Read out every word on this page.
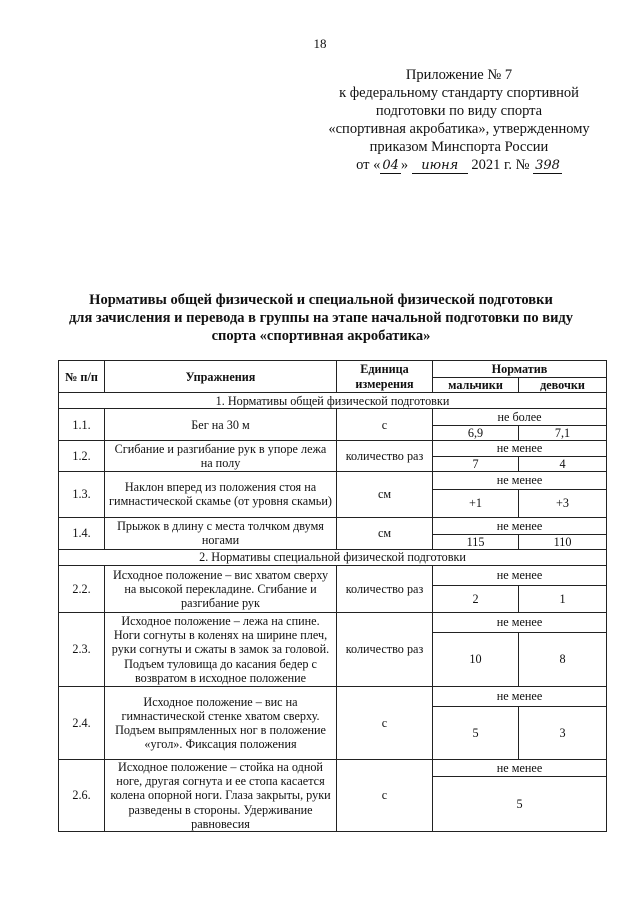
18
Приложение № 7
к федеральному стандарту спортивной
подготовки по виду спорта
«спортивная акробатика», утвержденному
приказом Минспорта России
от « 04 » июня 2021 г. № 398
Нормативы общей физической и специальной физической подготовки
для зачисления и перевода в группы на этапе начальной подготовки по виду
спорта «спортивная акробатика»
№ п/п	Упражнения	Единица измерения	Норматив	
			мальчики	девочки
1. Нормативы общей физической подготовки				
1.1.	Бег на 30 м	с	не более	
			6,9	7,1
1.2.	Сгибание и разгибание рук в упоре лежа на полу	количество раз	не менее	
			7	4
1.3.	Наклон вперед из положения стоя на гимнастической скамье (от уровня скамьи)	см	не менее	
			+1	+3
1.4.	Прыжок в длину с места толчком двумя ногами	см	не менее	
			115	110
2. Нормативы специальной физической подготовки				
2.2.	Исходное положение – вис хватом сверху на высокой перекладине. Сгибание и разгибание рук	количество раз	не менее	
			2	1
2.3.	Исходное положение – лежа на спине. Ноги согнуты в коленях на ширине плеч, руки согнуты и сжаты в замок за головой. Подъем туловища до касания бедер с возвратом в исходное положение	количество раз	не менее	
			10	8
2.4.	Исходное положение – вис на гимнастической стенке хватом сверху. Подъем выпрямленных ног в положение «угол». Фиксация положения	с	не менее	
			5	3
2.6.	Исходное положение – стойка на одной ноге, другая согнута и ее стопа касается колена опорной ноги. Глаза закрыты, руки разведены в стороны. Удерживание равновесия	с	не менее	
			5	
